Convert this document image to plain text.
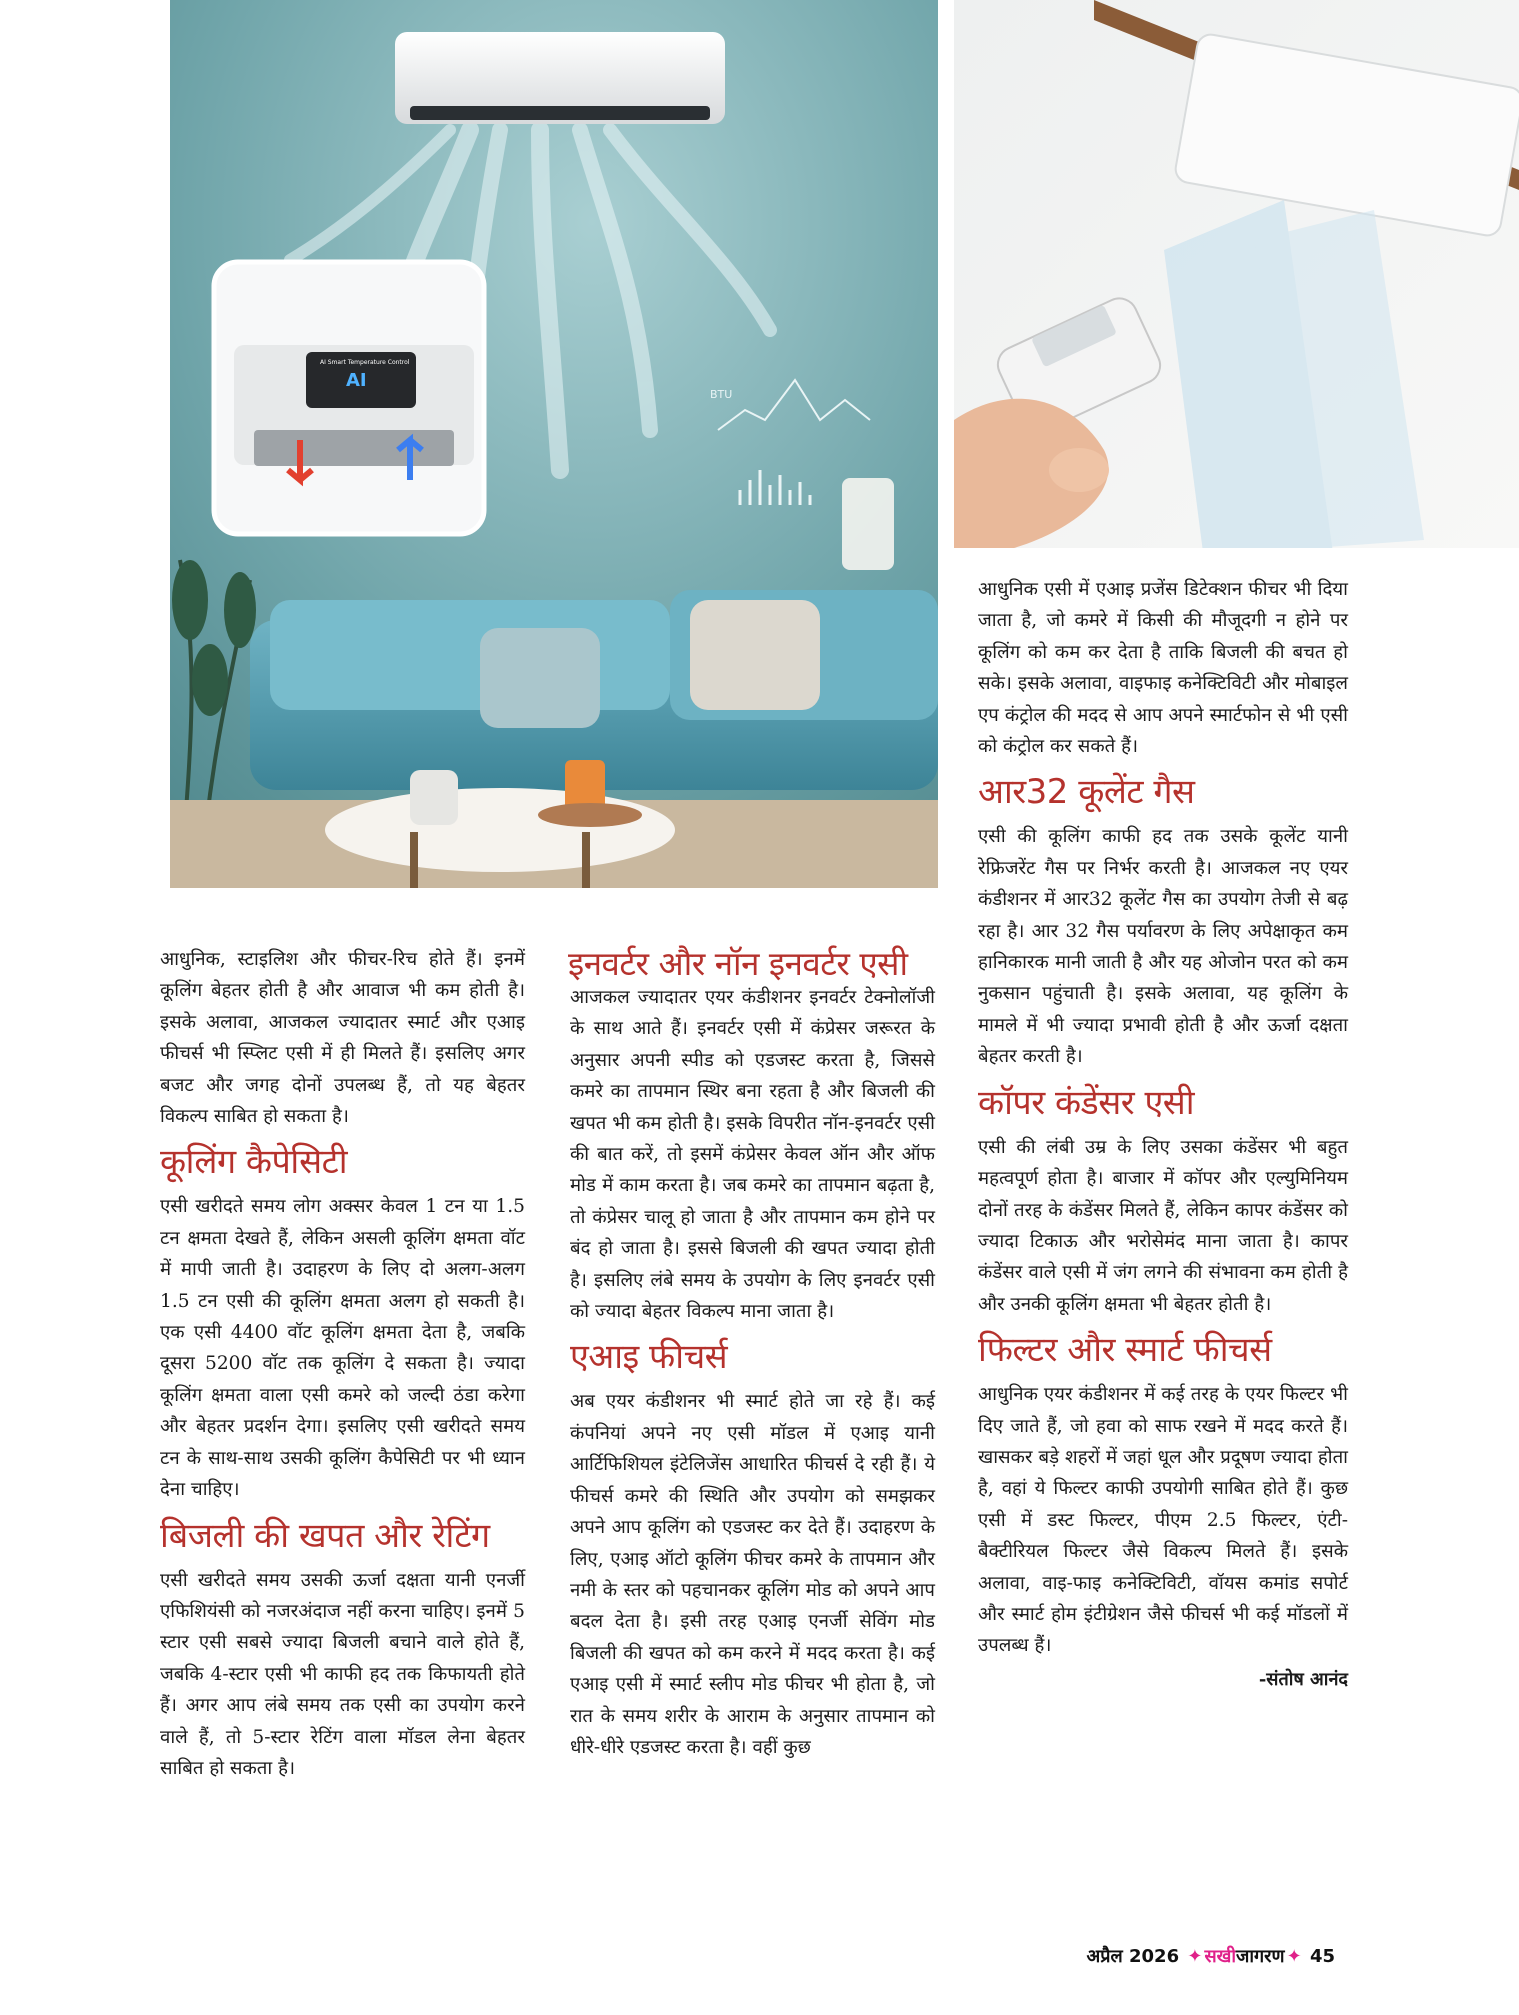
BTU
AI Smart Temperature Control
AI

आधुनिक, स्टाइलिश और फीचर-रिच होते हैं। इनमें कूलिंग बेहतर होती है और आवाज भी कम होती है। इसके अलावा, आजकल ज्यादातर स्मार्ट और एआइ फीचर्स भी स्प्लिट एसी में ही मिलते हैं। इसलिए अगर बजट और जगह दोनों उपलब्ध हैं, तो यह बेहतर विकल्प साबित हो सकता है।

कूलिंग कैपेसिटी

एसी खरीदते समय लोग अक्सर केवल 1 टन या 1.5 टन क्षमता देखते हैं, लेकिन असली कूलिंग क्षमता वॉट में मापी जाती है। उदाहरण के लिए दो अलग-अलग 1.5 टन एसी की कूलिंग क्षमता अलग हो सकती है। एक एसी 4400 वॉट कूलिंग क्षमता देता है, जबकि दूसरा 5200 वॉट तक कूलिंग दे सकता है। ज्यादा कूलिंग क्षमता वाला एसी कमरे को जल्दी ठंडा करेगा और बेहतर प्रदर्शन देगा। इसलिए एसी खरीदते समय टन के साथ-साथ उसकी कूलिंग कैपेसिटी पर भी ध्यान देना चाहिए।

बिजली की खपत और रेटिंग

एसी खरीदते समय उसकी ऊर्जा दक्षता यानी एनर्जी एफिशियंसी को नजरअंदाज नहीं करना चाहिए। इनमें 5 स्टार एसी सबसे ज्यादा बिजली बचाने वाले होते हैं, जबकि 4-स्टार एसी भी काफी हद तक किफायती होते हैं। अगर आप लंबे समय तक एसी का उपयोग करने वाले हैं, तो 5-स्टार रेटिंग वाला मॉडल लेना बेहतर साबित हो सकता है।

इनवर्टर और नॉन इनवर्टर एसी

आजकल ज्यादातर एयर कंडीशनर इनवर्टर टेक्नोलॉजी के साथ आते हैं। इनवर्टर एसी में कंप्रेसर जरूरत के अनुसार अपनी स्पीड को एडजस्ट करता है, जिससे कमरे का तापमान स्थिर बना रहता है और बिजली की खपत भी कम होती है। इसके विपरीत नॉन-इनवर्टर एसी की बात करें, तो इसमें कंप्रेसर केवल ऑन और ऑफ मोड में काम करता है। जब कमरे का तापमान बढ़ता है, तो कंप्रेसर चालू हो जाता है और तापमान कम होने पर बंद हो जाता है। इससे बिजली की खपत ज्यादा होती है। इसलिए लंबे समय के उपयोग के लिए इनवर्टर एसी को ज्यादा बेहतर विकल्प माना जाता है।

एआइ फीचर्स

अब एयर कंडीशनर भी स्मार्ट होते जा रहे हैं। कई कंपनियां अपने नए एसी मॉडल में एआइ यानी आर्टिफिशियल इंटेलिजेंस आधारित फीचर्स दे रही हैं। ये फीचर्स कमरे की स्थिति और उपयोग को समझकर अपने आप कूलिंग को एडजस्ट कर देते हैं। उदाहरण के लिए, एआइ ऑटो कूलिंग फीचर कमरे के तापमान और नमी के स्तर को पहचानकर कूलिंग मोड को अपने आप बदल देता है। इसी तरह एआइ एनर्जी सेविंग मोड बिजली की खपत को कम करने में मदद करता है। कई एआइ एसी में स्मार्ट स्लीप मोड फीचर भी होता है, जो रात के समय शरीर के आराम के अनुसार तापमान को धीरे-धीरे एडजस्ट करता है। वहीं कुछ

आधुनिक एसी में एआइ प्रजेंस डिटेक्शन फीचर भी दिया जाता है, जो कमरे में किसी की मौजूदगी न होने पर कूलिंग को कम कर देता है ताकि बिजली की बचत हो सके। इसके अलावा, वाइफाइ कनेक्टिविटी और मोबाइल एप कंट्रोल की मदद से आप अपने स्मार्टफोन से भी एसी को कंट्रोल कर सकते हैं।

आर32 कूलेंट गैस

एसी की कूलिंग काफी हद तक उसके कूलेंट यानी रेफ्रिजरेंट गैस पर निर्भर करती है। आजकल नए एयर कंडीशनर में आर32 कूलेंट गैस का उपयोग तेजी से बढ़ रहा है। आर 32 गैस पर्यावरण के लिए अपेक्षाकृत कम हानिकारक मानी जाती है और यह ओजोन परत को कम नुकसान पहुंचाती है। इसके अलावा, यह कूलिंग के मामले में भी ज्यादा प्रभावी होती है और ऊर्जा दक्षता बेहतर करती है।

कॉपर कंडेंसर एसी

एसी की लंबी उम्र के लिए उसका कंडेंसर भी बहुत महत्वपूर्ण होता है। बाजार में कॉपर और एल्युमिनियम दोनों तरह के कंडेंसर मिलते हैं, लेकिन कापर कंडेंसर को ज्यादा टिकाऊ और भरोसेमंद माना जाता है। कापर कंडेंसर वाले एसी में जंग लगने की संभावना कम होती है और उनकी कूलिंग क्षमता भी बेहतर होती है।

फिल्टर और स्मार्ट फीचर्स

आधुनिक एयर कंडीशनर में कई तरह के एयर फिल्टर भी दिए जाते हैं, जो हवा को साफ रखने में मदद करते हैं। खासकर बड़े शहरों में जहां धूल और प्रदूषण ज्यादा होता है, वहां ये फिल्टर काफी उपयोगी साबित होते हैं। कुछ एसी में डस्ट फिल्टर, पीएम 2.5 फिल्टर, एंटी-बैक्टीरियल फिल्टर जैसे विकल्प मिलते हैं। इसके अलावा, वाइ-फाइ कनेक्टिविटी, वॉयस कमांड सपोर्ट और स्मार्ट होम इंटीग्रेशन जैसे फीचर्स भी कई मॉडलों में उपलब्ध हैं।

-संतोष आनंद
अप्रैल 2026 ✦ सखीजागरण ✦ 45
